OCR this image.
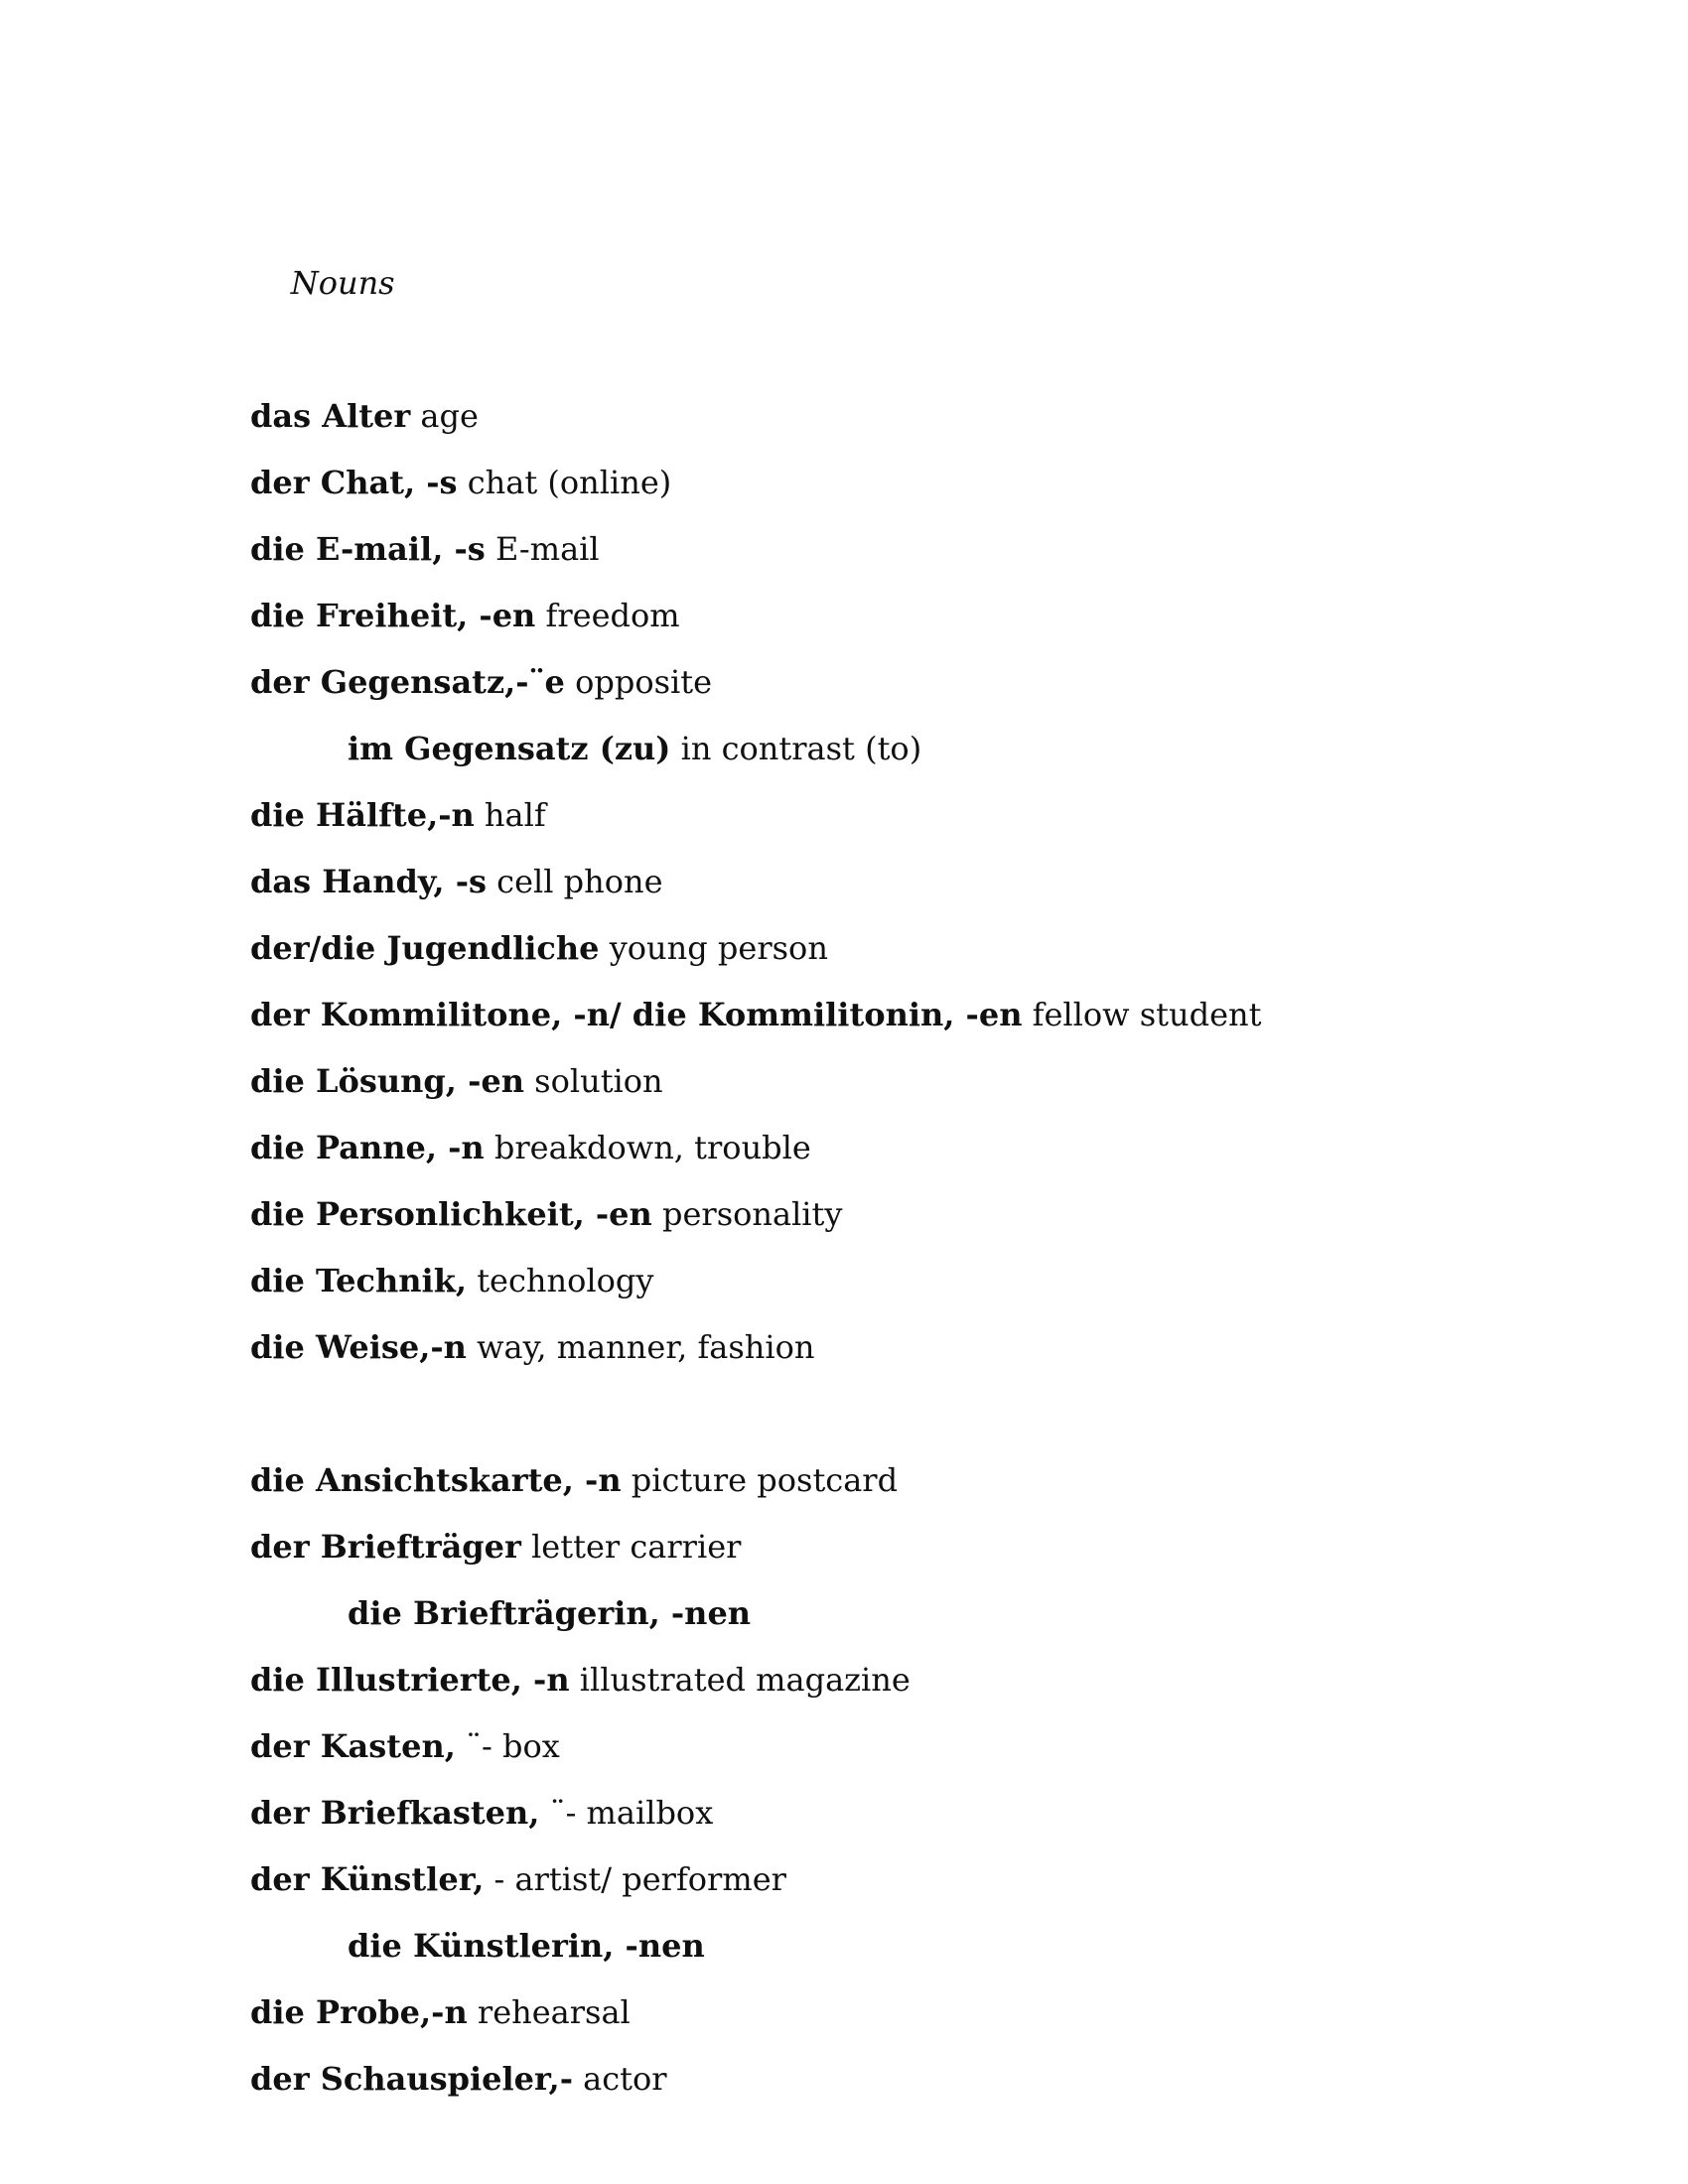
Nouns

das Alter age
der Chat, -s chat (online)
die E-mail, -s E-mail
die Freiheit, -en freedom
der Gegensatz,-¨e opposite
im Gegensatz (zu) in contrast (to)
die Hälfte,-n half
das Handy, -s cell phone
der/die Jugendliche young person
der Kommilitone, -n/ die Kommilitonin, -en fellow student
die Lösung, -en solution
die Panne, -n breakdown, trouble
die Personlichkeit, -en personality
die Technik, technology
die Weise,-n way, manner, fashion
die Ansichtskarte, -n picture postcard
der Briefträger letter carrier
die Briefträgerin, -nen
die Illustrierte, -n illustrated magazine
der Kasten, ¨- box
der Briefkasten, ¨- mailbox
der Künstler, - artist/ performer
die Künstlerin, -nen
die Probe,-n rehearsal
der Schauspieler,- actor
